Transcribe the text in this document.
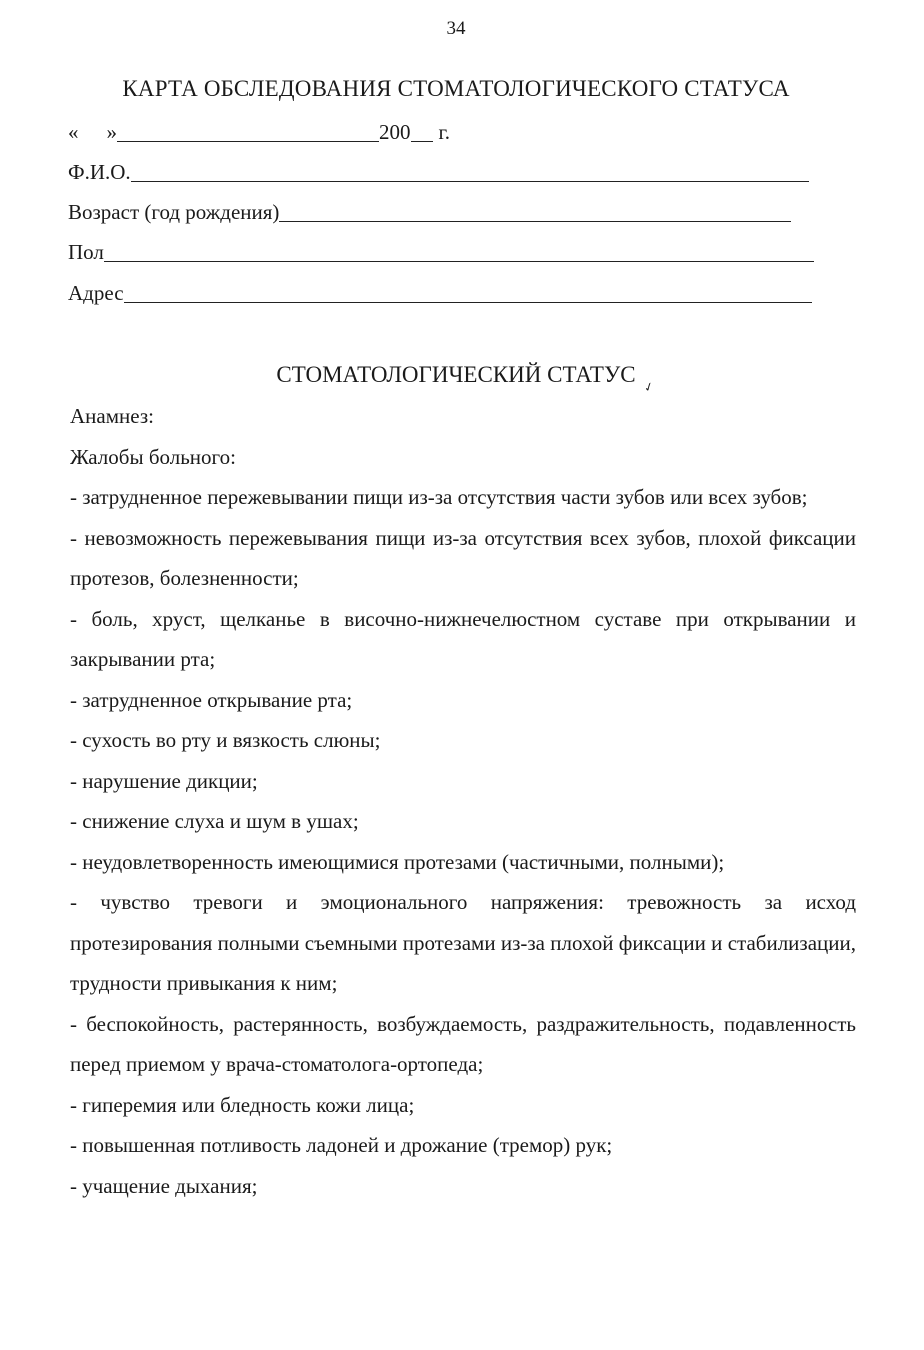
34
КАРТА ОБСЛЕДОВАНИЯ СТОМАТОЛОГИЧЕСКОГО СТАТУСА
« »	200 г.
Ф.И.О.
Возраст (год рождения)
Пол
Адрес
СТОМАТОЛОГИЧЕСКИЙ СТАТУС
✓

Анамнез:

Жалобы больного:

- затрудненное пережевывании пищи из-за отсутствия части зубов или всех зубов;

- невозможность пережевывания пищи из-за отсутствия всех зубов, плохой фиксации протезов, болезненности;

- боль, хруст, щелканье в височно-нижнечелюстном суставе при открывании и закрывании рта;

- затрудненное открывание рта;

- сухость во рту и вязкость слюны;

- нарушение дикции;

- снижение слуха и шум в ушах;

- неудовлетворенность имеющимися протезами (частичными, полными);

- чувство тревоги и эмоционального напряжения: тревожность за исход протезирования полными съемными протезами из-за плохой фиксации и стабилизации, трудности привыкания к ним;

- беспокойность, растерянность, возбуждаемость, раздражительность, подавленность перед приемом у врача-стоматолога-ортопеда;

- гиперемия или бледность кожи лица;

- повышенная потливость ладоней и дрожание (тремор) рук;

- учащение дыхания;
